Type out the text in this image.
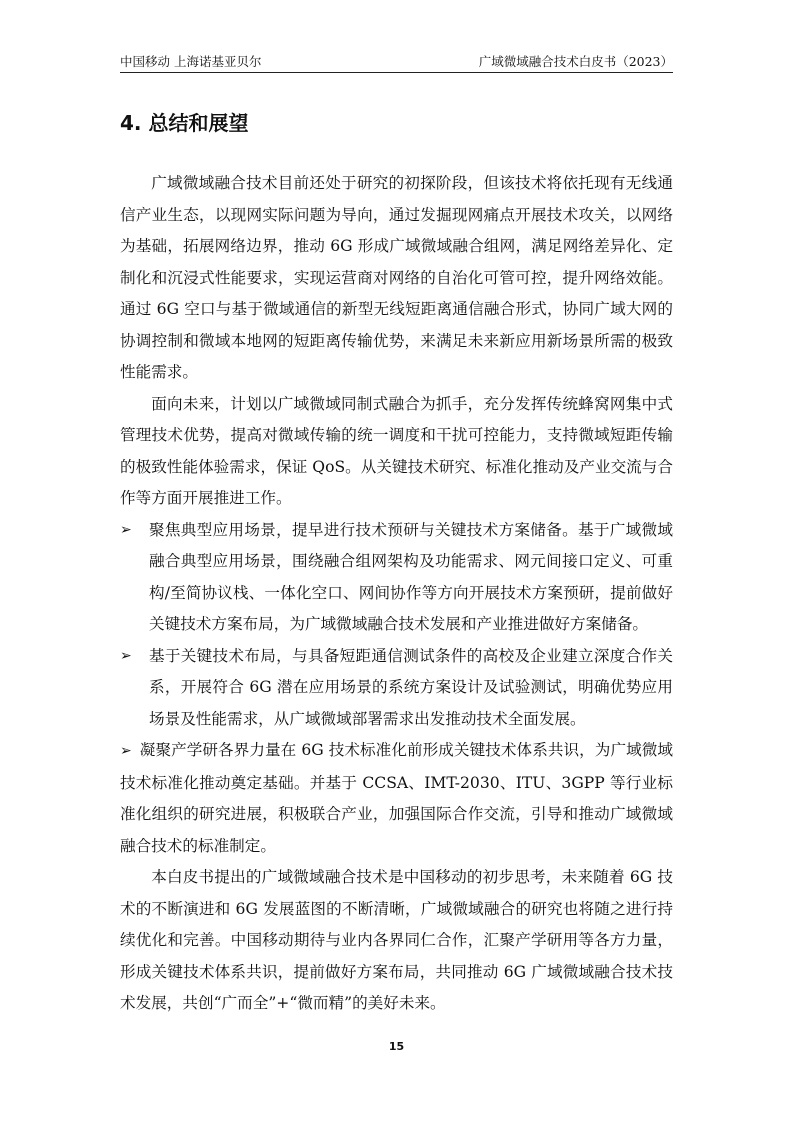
中国移动 上海诺基亚贝尔	广域微域融合技术白皮书（2023）
4. 总结和展望

广域微域融合技术目前还处于研究的初探阶段，但该技术将依托现有无线通信产业生态，以现网实际问题为导向，通过发掘现网痛点开展技术攻关，以网络为基础，拓展网络边界，推动 6G 形成广域微域融合组网，满足网络差异化、定制化和沉浸式性能要求，实现运营商对网络的自治化可管可控，提升网络效能。通过 6G 空口与基于微域通信的新型无线短距离通信融合形式，协同广域大网的协调控制和微域本地网的短距离传输优势，来满足未来新应用新场景所需的极致性能需求。

面向未来，计划以广域微域同制式融合为抓手，充分发挥传统蜂窝网集中式管理技术优势，提高对微域传输的统一调度和干扰可控能力，支持微域短距传输的极致性能体验需求，保证 QoS。从关键技术研究、标准化推动及产业交流与合作等方面开展推进工作。

➢ 聚焦典型应用场景，提早进行技术预研与关键技术方案储备。基于广域微域融合典型应用场景，围绕融合组网架构及功能需求、网元间接口定义、可重构/至简协议栈、一体化空口、网间协作等方向开展技术方案预研，提前做好关键技术方案布局，为广域微域融合技术发展和产业推进做好方案储备。

➢ 基于关键技术布局，与具备短距通信测试条件的高校及企业建立深度合作关系，开展符合 6G 潜在应用场景的系统方案设计及试验测试，明确优势应用场景及性能需求，从广域微域部署需求出发推动技术全面发展。

➢ 凝聚产学研各界力量在 6G 技术标准化前形成关键技术体系共识，为广域微域技术标准化推动奠定基础。并基于 CCSA、IMT-2030、ITU、3GPP 等行业标准化组织的研究进展，积极联合产业，加强国际合作交流，引导和推动广域微域融合技术的标准制定。

本白皮书提出的广域微域融合技术是中国移动的初步思考，未来随着 6G 技术的不断演进和 6G 发展蓝图的不断清晰，广域微域融合的研究也将随之进行持续优化和完善。中国移动期待与业内各界同仁合作，汇聚产学研用等各方力量，形成关键技术体系共识，提前做好方案布局，共同推动 6G 广域微域融合技术技术发展，共创“广而全”+“微而精”的美好未来。

15
